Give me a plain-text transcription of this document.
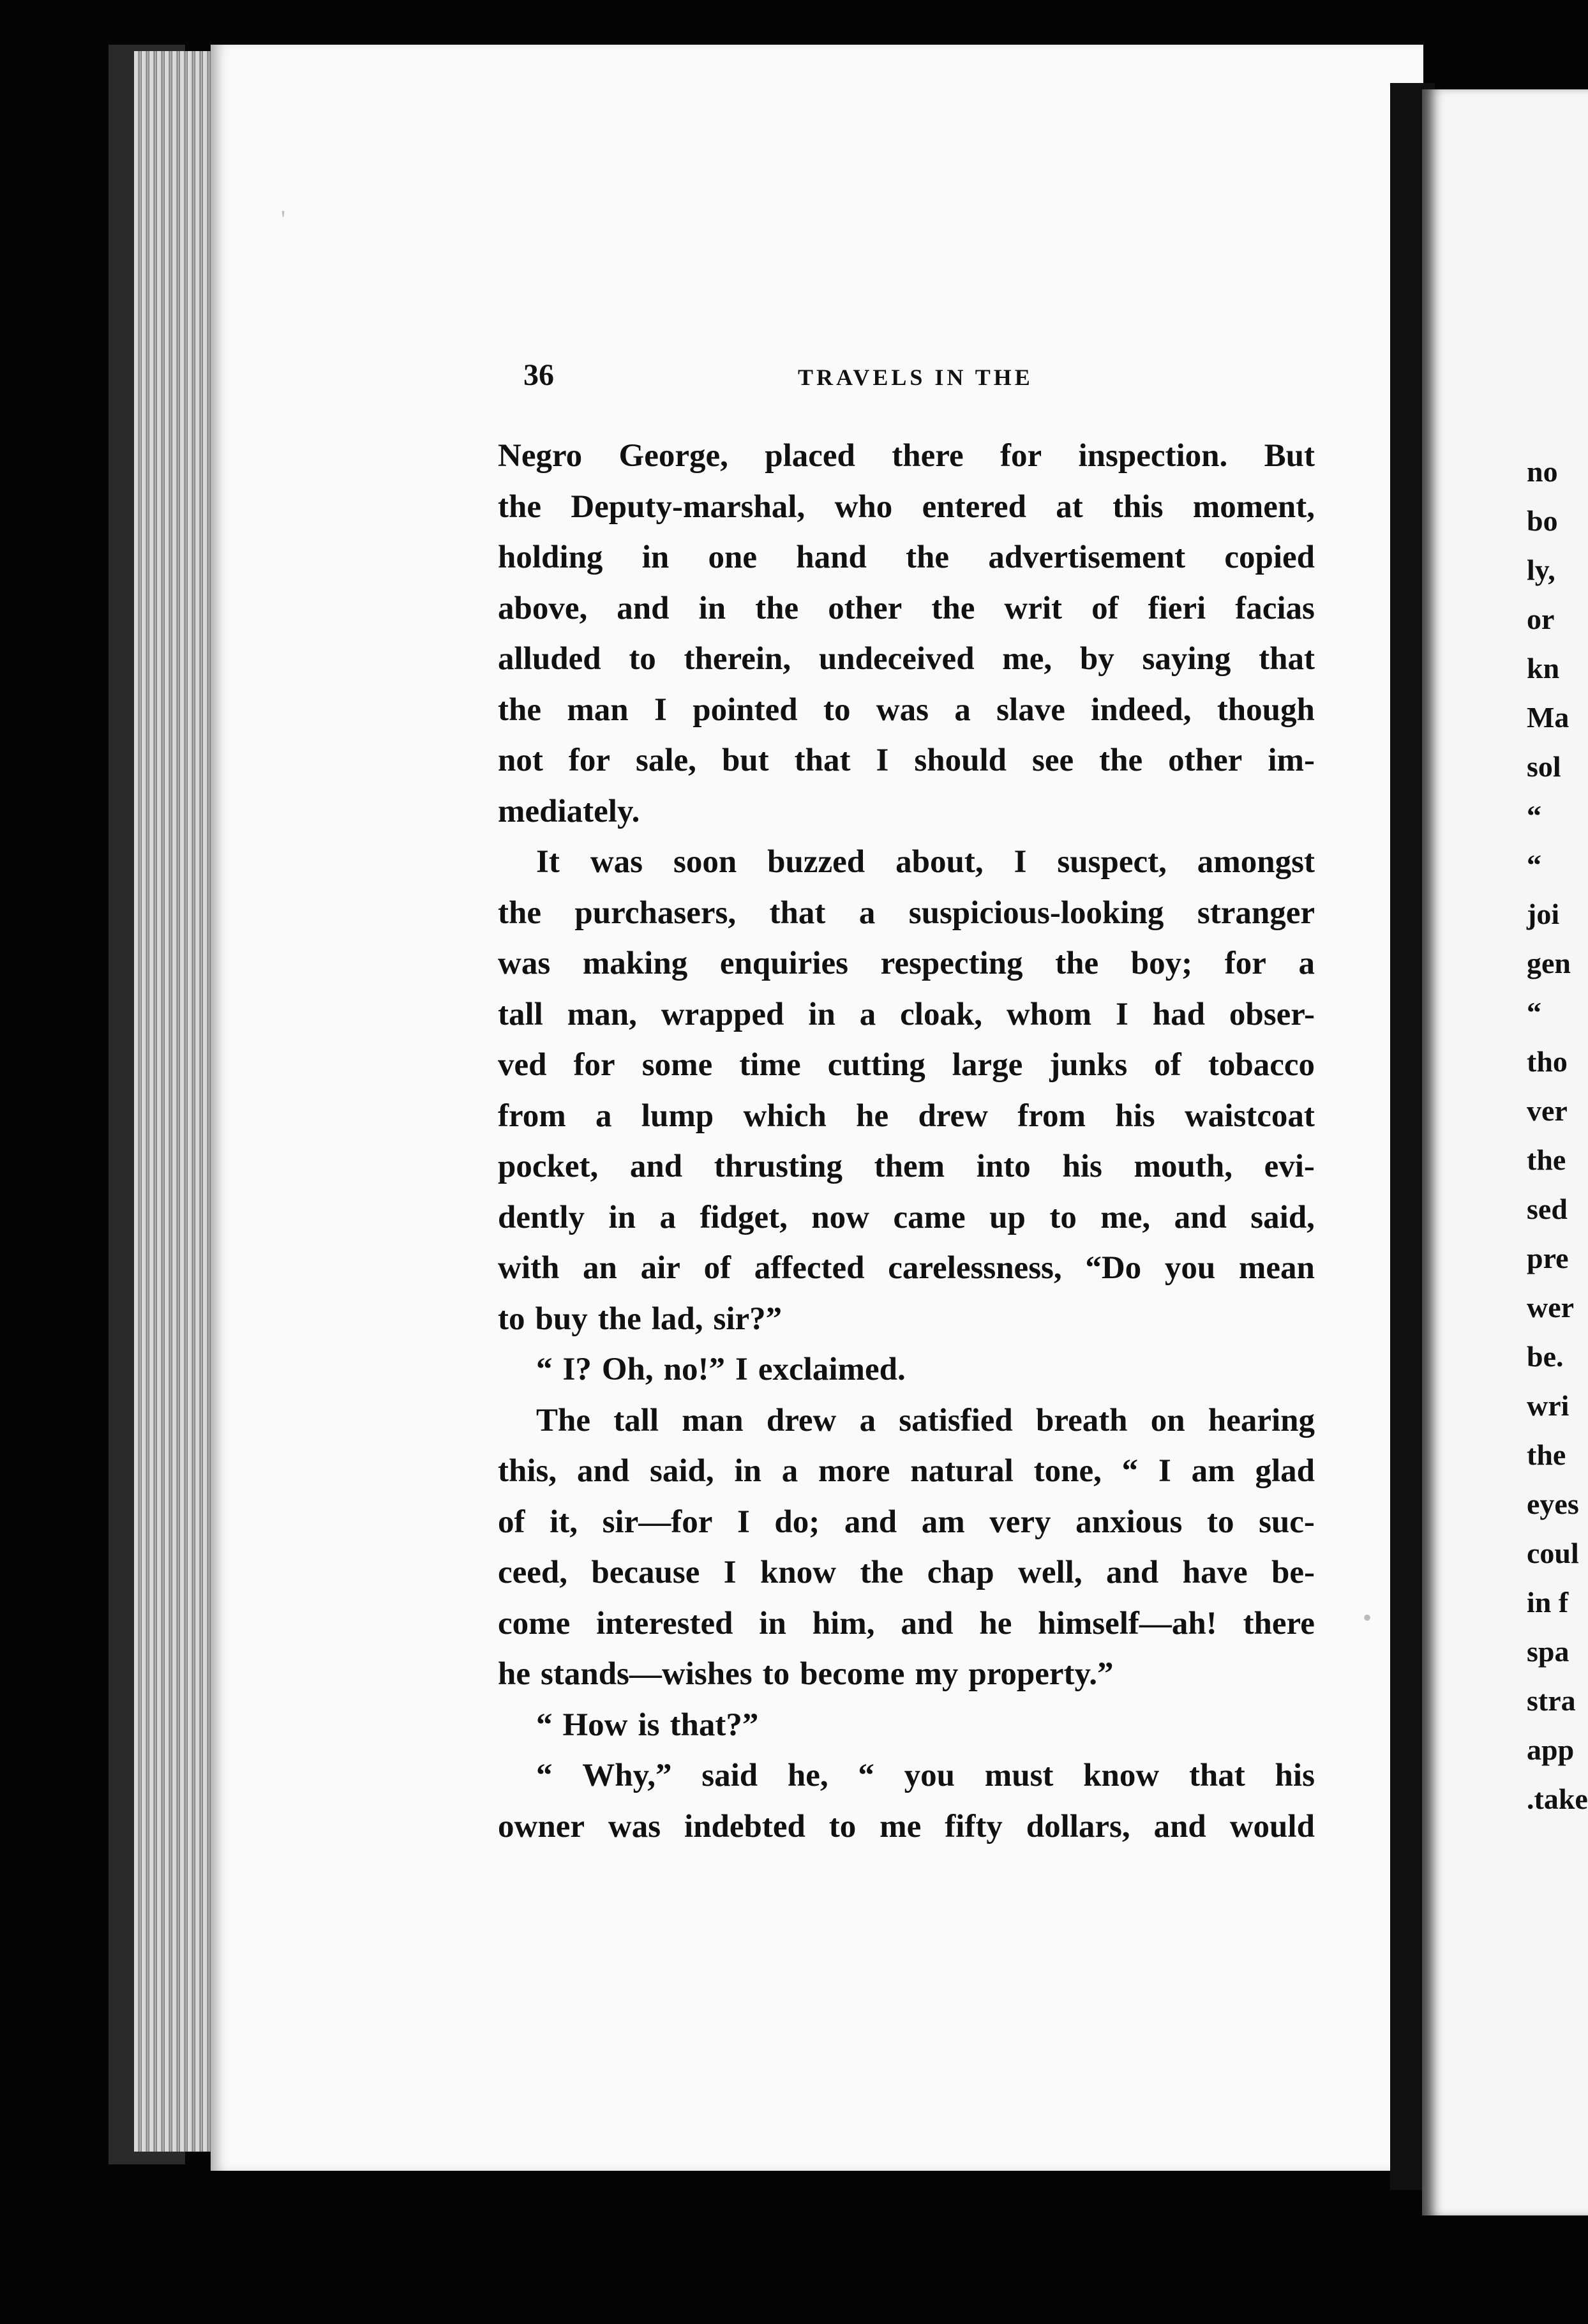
36	TRAVELS IN THE
Negro George, placed there for inspection. But
the Deputy-marshal, who entered at this moment,
holding in one hand the advertisement copied
above, and in the other the writ of fieri facias
alluded to therein, undeceived me, by saying that
the man I pointed to was a slave indeed, though
not for sale, but that I should see the other im-
mediately.
It was soon buzzed about, I suspect, amongst
the purchasers, that a suspicious-looking stranger
was making enquiries respecting the boy; for a
tall man, wrapped in a cloak, whom I had obser-
ved for some time cutting large junks of tobacco
from a lump which he drew from his waistcoat
pocket, and thrusting them into his mouth, evi-
dently in a fidget, now came up to me, and said,
with an air of affected carelessness, “Do you mean
to buy the lad, sir?”
“ I? Oh, no!” I exclaimed.
The tall man drew a satisfied breath on hearing
this, and said, in a more natural tone, “ I am glad
of it, sir—for I do; and am very anxious to suc-
ceed, because I know the chap well, and have be-
come interested in him, and he himself—ah! there
he stands—wishes to become my property.”
“ How is that?”
“ Why,” said he, “ you must know that his
owner was indebted to me fifty dollars, and would
no
bo
ly,
or
kn
Ma
sol
“
“
joi
gen
“
tho
ver
the
sed
pre
wer
be.
wri
the
eyes
coul
in f
spa
stra
app
.take
'
•
